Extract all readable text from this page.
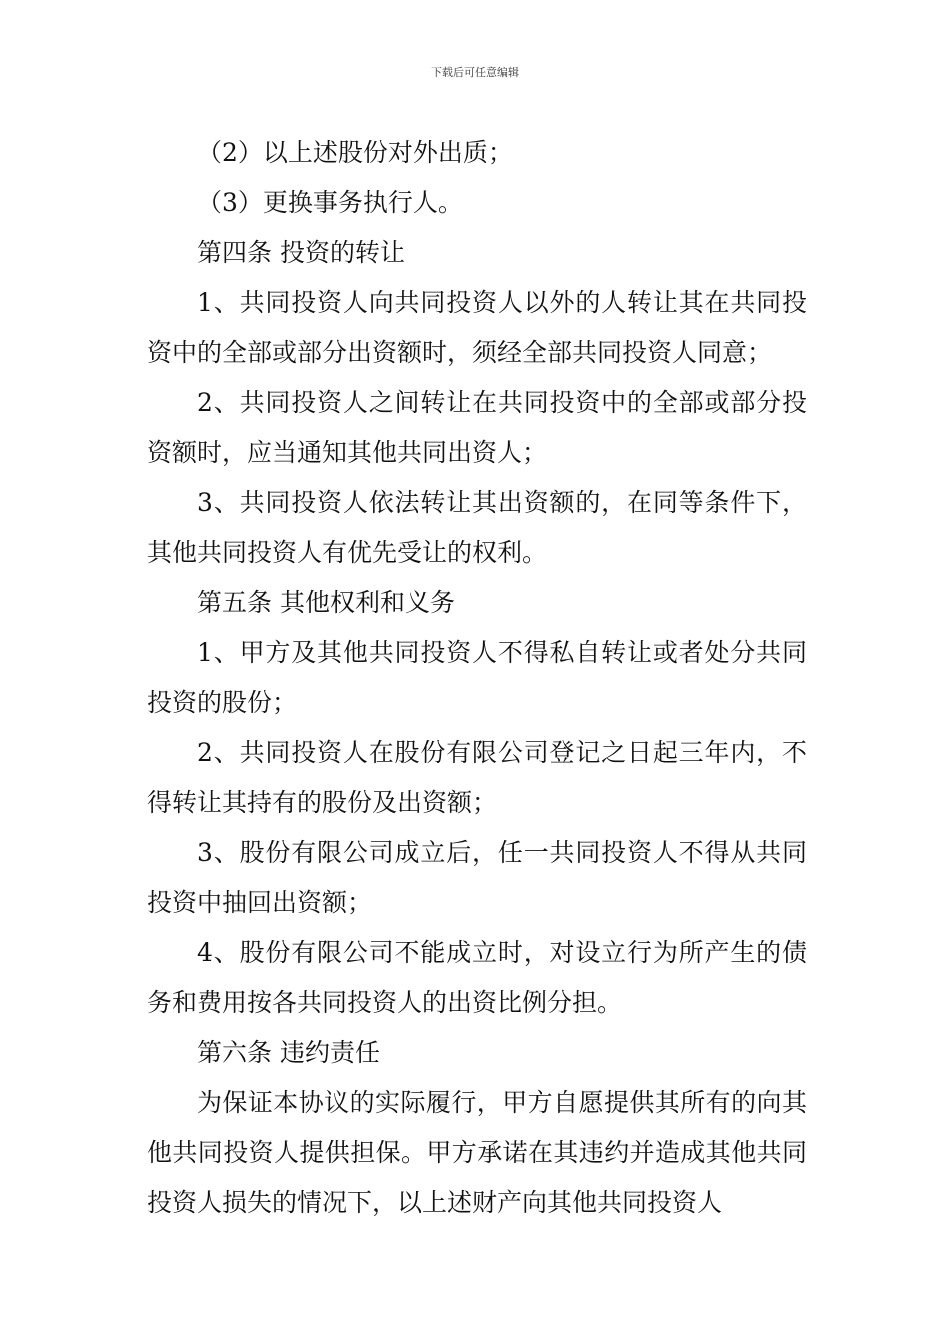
下载后可任意编辑

（2）以上述股份对外出质；

（3）更换事务执行人。

第四条 投资的转让

1、共同投资人向共同投资人以外的人转让其在共同投资中的全部或部分出资额时，须经全部共同投资人同意；

2、共同投资人之间转让在共同投资中的全部或部分投资额时，应当通知其他共同出资人；

3、共同投资人依法转让其出资额的，在同等条件下，其他共同投资人有优先受让的权利。

第五条 其他权利和义务

1、甲方及其他共同投资人不得私自转让或者处分共同投资的股份；

2、共同投资人在股份有限公司登记之日起三年内，不得转让其持有的股份及出资额；

3、股份有限公司成立后，任一共同投资人不得从共同投资中抽回出资额；

4、股份有限公司不能成立时，对设立行为所产生的债务和费用按各共同投资人的出资比例分担。

第六条 违约责任

为保证本协议的实际履行，甲方自愿提供其所有的向其他共同投资人提供担保。甲方承诺在其违约并造成其他共同投资人损失的情况下，以上述财产向其他共同投资人
